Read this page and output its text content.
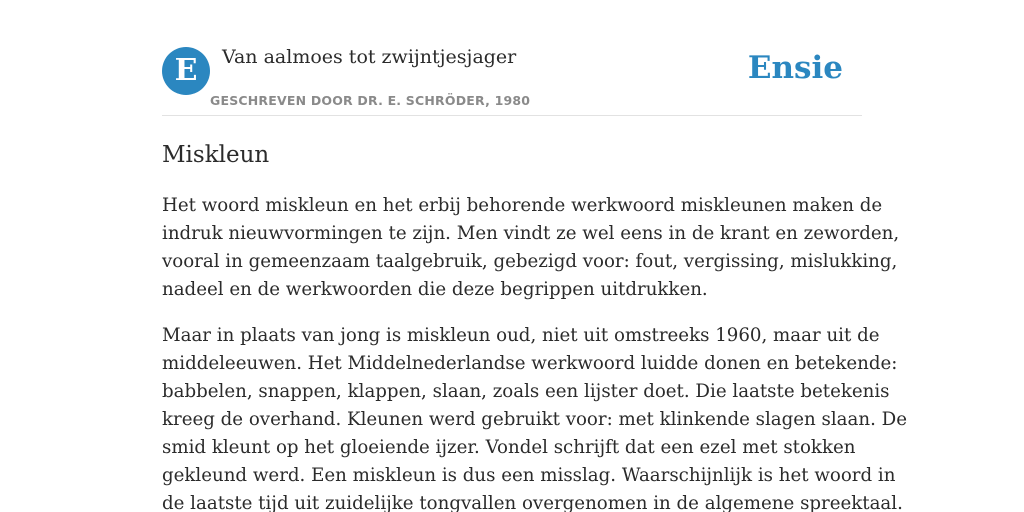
E	Van aalmoes tot zwijntjesjager
GESCHREVEN DOOR DR. E. SCHRÖDER, 1980
Ensie
Miskleun

Het woord miskleun en het erbij behorende werkwoord miskleunen maken de
indruk nieuwvormingen te zijn. Men vindt ze wel eens in de krant en zeworden,
vooral in gemeenzaam taalgebruik, gebezigd voor: fout, vergissing, mislukking,
nadeel en de werkwoorden die deze begrippen uitdrukken.

Maar in plaats van jong is miskleun oud, niet uit omstreeks 1960, maar uit de
middeleeuwen. Het Middelnederlandse werkwoord luidde donen en betekende:
babbelen, snappen, klappen, slaan, zoals een lijster doet. Die laatste betekenis
kreeg de overhand. Kleunen werd gebruikt voor: met klinkende slagen slaan. De
smid kleunt op het gloeiende ijzer. Vondel schrijft dat een ezel met stokken
gekleund werd. Een miskleun is dus een misslag. Waarschijnlijk is het woord in
de laatste tijd uit zuidelijke tongvallen overgenomen in de algemene spreektaal.
